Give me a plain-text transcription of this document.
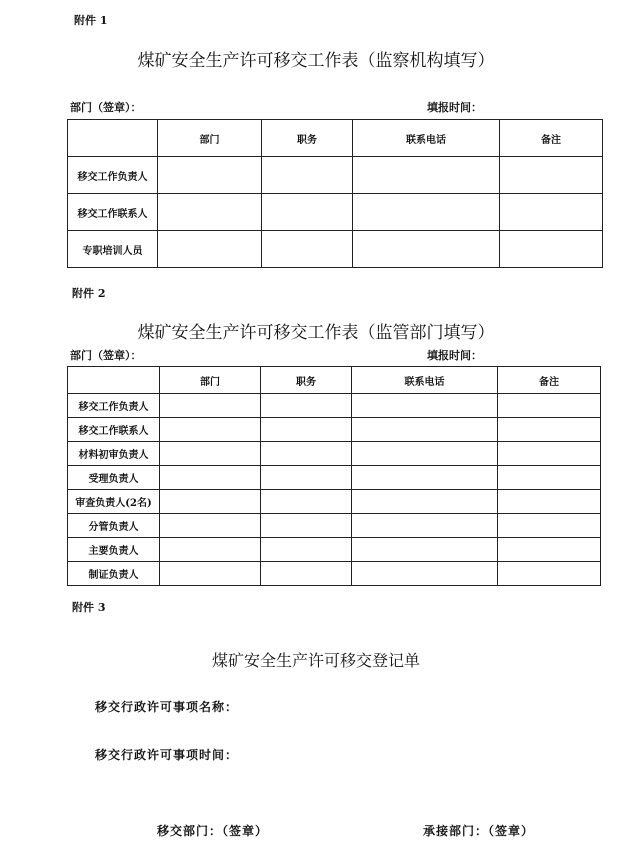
附件 1
煤矿安全生产许可移交工作表（监察机构填写）
部门（签章）：	填报时间：
	部门	职务	联系电话	备注
移交工作负责人				
移交工作联系人				
专职培训人员				
附件 2
煤矿安全生产许可移交工作表（监管部门填写）
部门（签章）：	填报时间：
	部门	职务	联系电话	备注
移交工作负责人				
移交工作联系人				
材料初审负责人				
受理负责人				
审查负责人(2名)				
分管负责人				
主要负责人				
制证负责人				
附件 3
煤矿安全生产许可移交登记单
移交行政许可事项名称：
移交行政许可事项时间：
移交部门：（签章）	承接部门：（签章）
